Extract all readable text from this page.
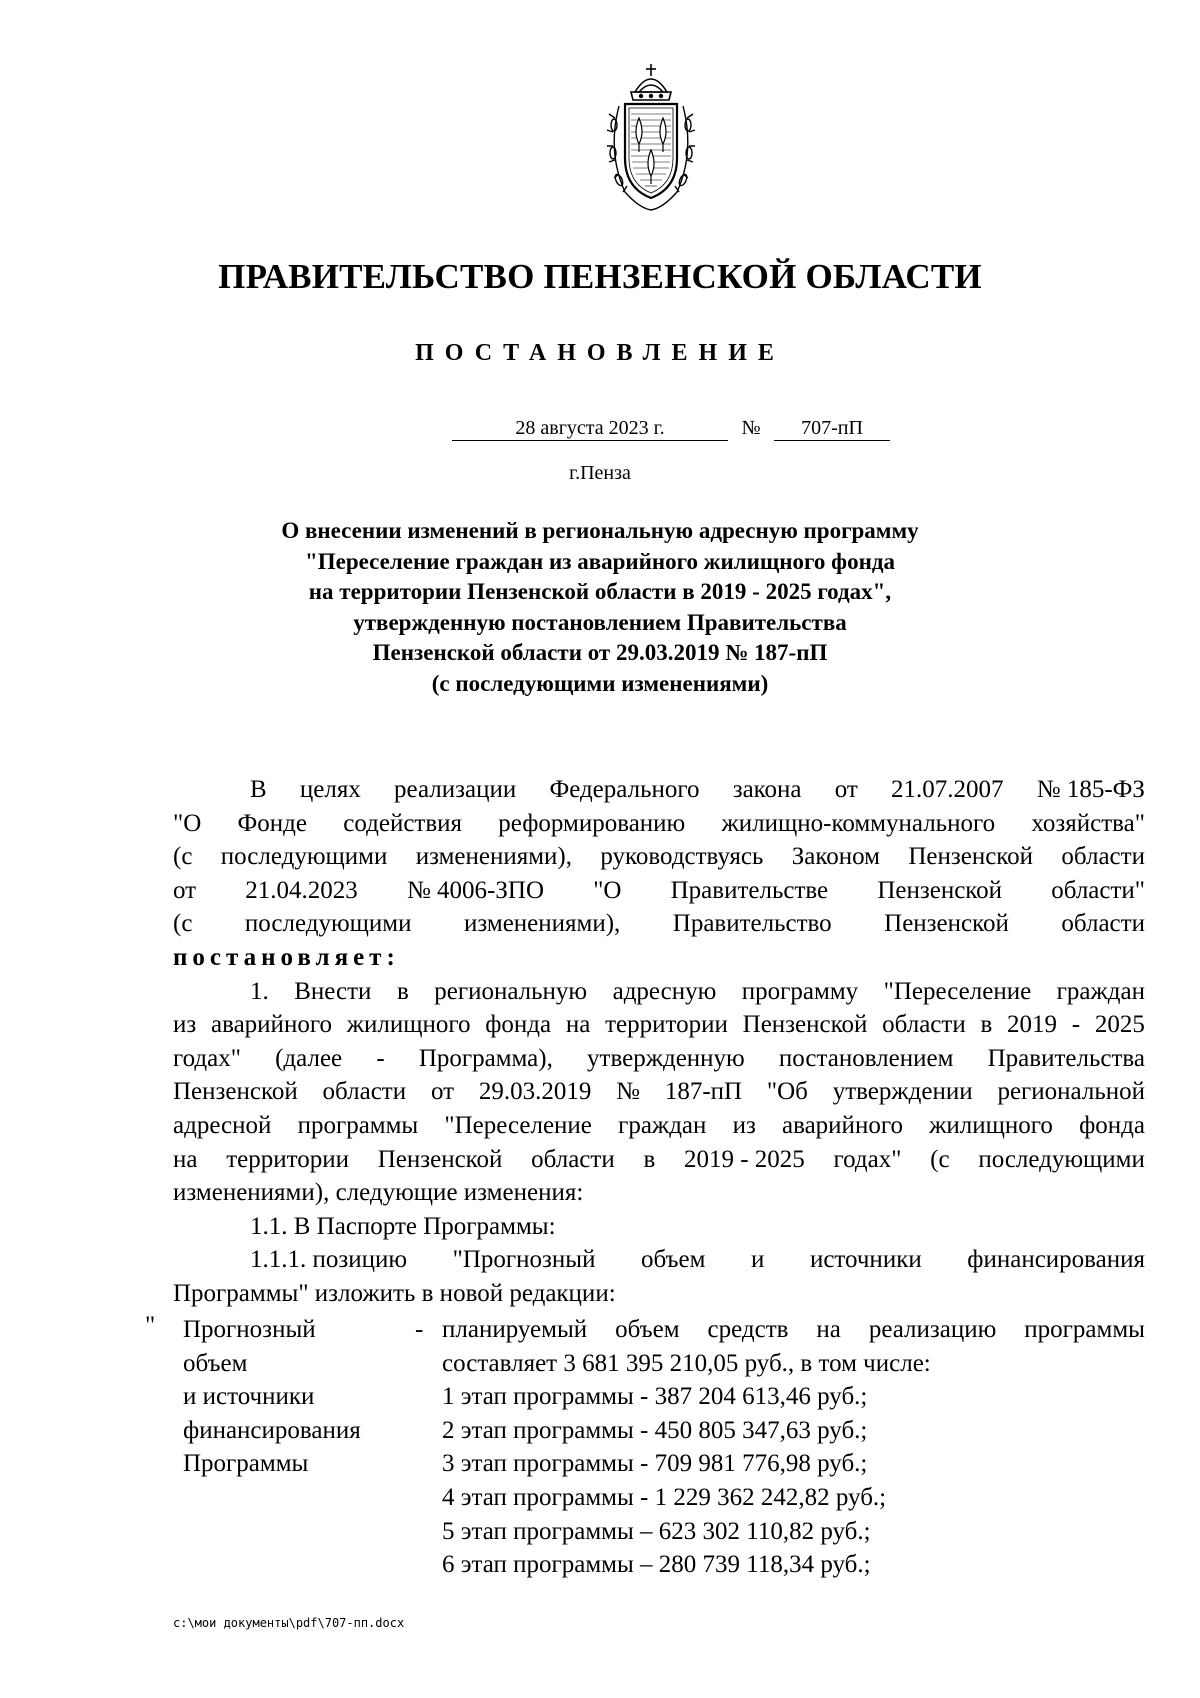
ПРАВИТЕЛЬСТВО ПЕНЗЕНСКОЙ ОБЛАСТИ
ПОСТАНОВЛЕНИЕ
28 августа 2023 г.	№ 707-пП
г.Пенза
О внесении изменений в региональную адресную программу
"Переселение граждан из аварийного жилищного фонда
на территории Пензенской области в 2019 - 2025 годах",
утвержденную постановлением Правительства
Пензенской области от 29.03.2019 № 187-пП
(с последующими изменениями)
В целях реализации Федерального закона от 21.07.2007 № 185-ФЗ
"О Фонде содействия реформированию жилищно-коммунального хозяйства"
(с последующими изменениями), руководствуясь Законом Пензенской области
от 21.04.2023 № 4006-ЗПО "О Правительстве Пензенской области"
(с последующими изменениями), Правительство Пензенской области
постановляет:
1. Внести в региональную адресную программу "Переселение граждан
из аварийного жилищного фонда на территории Пензенской области в 2019 - 2025
годах" (далее - Программа), утвержденную постановлением Правительства
Пензенской области от 29.03.2019 № 187-пП "Об утверждении региональной
адресной программы "Переселение граждан из аварийного жилищного фонда
на территории Пензенской области в 2019 - 2025 годах" (с последующими
изменениями), следующие изменения:
1.1. В Паспорте Программы:
1.1.1. позицию "Прогнозный объем и источники финансирования
Программы" изложить в новой редакции:
" Прогнозный
объем
и источники
финансирования
Программы
- планируемый объем средств на реализацию программы
составляет 3 681 395 210,05 руб., в том числе:
1 этап программы - 387 204 613,46 руб.;
2 этап программы - 450 805 347,63 руб.;
3 этап программы - 709 981 776,98 руб.;
4 этап программы - 1 229 362 242,82 руб.;
5 этап программы – 623 302 110,82 руб.;
6 этап программы – 280 739 118,34 руб.;
c:\мои документы\pdf\707-пп.docx
